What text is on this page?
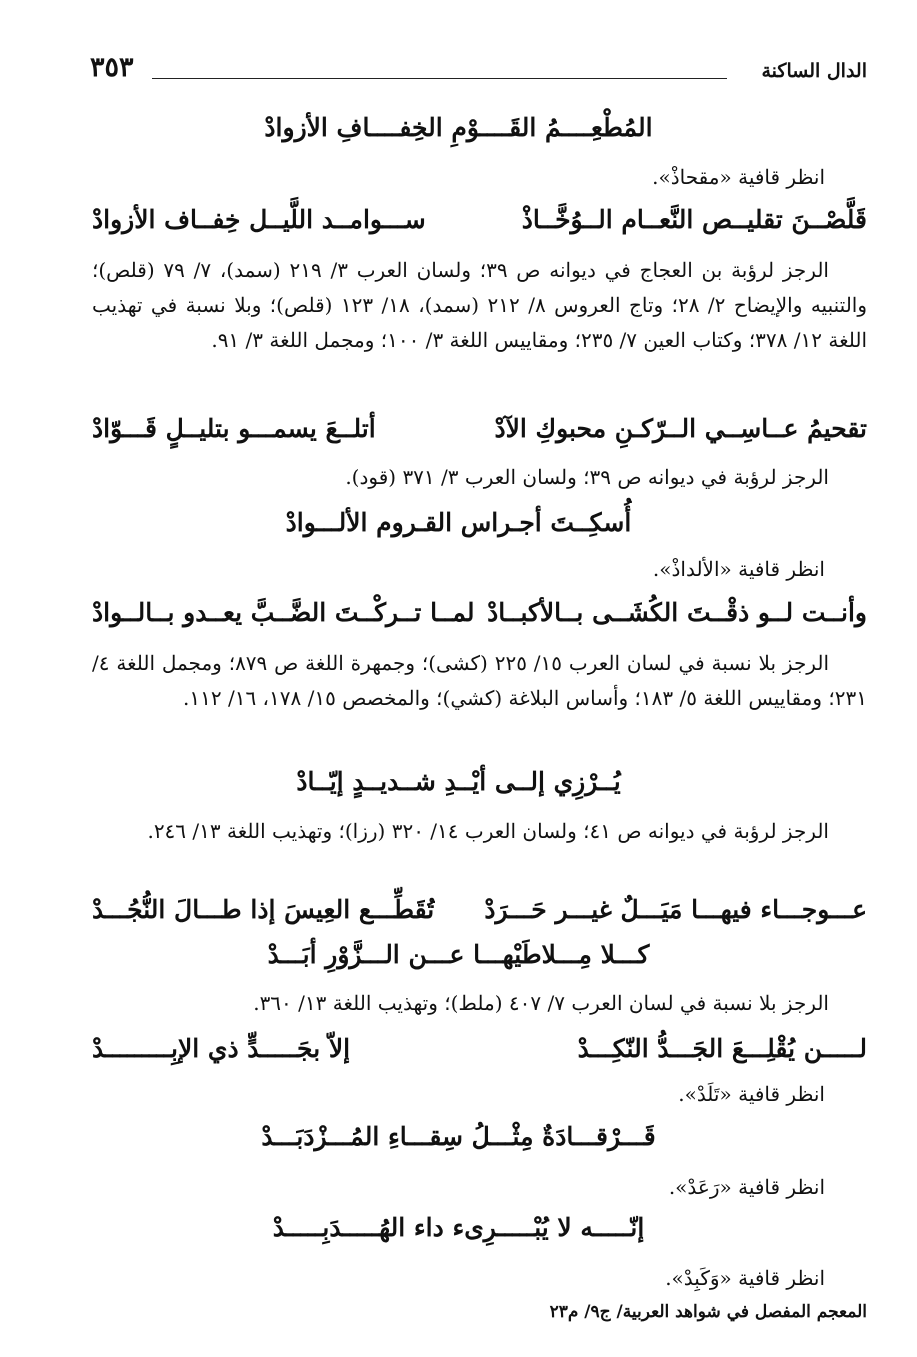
الدال الساكنة
٣٥٣
المُطْعِــــمُ القَــــوْمِ الخِفــــافِ الأزوادْ
انظر قافية «مقحاذْ».
قَلَّصْــنَ تقليــص النَّعــام الــوُخَّــاذْ
ســـوامــد اللَّيــل خِفــاف الأزوادْ
الرجز لرؤبة بن العجاج في ديوانه ص ٣٩؛ ولسان العرب ٣/ ٢١٩ (سمد)، ٧/ ٧٩ (قلص)؛ والتنبيه والإيضاح ٢/ ٢٨؛ وتاج العروس ٨/ ٢١٢ (سمد)، ١٨/ ١٢٣ (قلص)؛ وبلا نسبة في تهذيب اللغة ١٢/ ٣٧٨؛ وكتاب العين ٧/ ٢٣٥؛ ومقاييس اللغة ٣/ ١٠٠؛ ومجمل اللغة ٣/ ٩١.
تقحيمُ عــاسِــي الــرّكـنِ محبوكِ الآدْ
أتلــعَ يسمـــو بتليــلٍ قَـــوّادْ
الرجز لرؤبة في ديوانه ص ٣٩؛ ولسان العرب ٣/ ٣٧١ (قود).
أُسكِــتَ أجـراس القـروم الألـــوادْ
انظر قافية «الألداذْ».
وأنــت لــو ذقْــتَ الكُشَــى بــالأكبــادْ
لمــا تــركْــتَ الضَّــبَّ يعــدو بــالــوادْ
الرجز بلا نسبة في لسان العرب ١٥/ ٢٢٥ (كشى)؛ وجمهرة اللغة ص ٨٧٩؛ ومجمل اللغة ٤/ ٢٣١؛ ومقاييس اللغة ٥/ ١٨٣؛ وأساس البلاغة (كشي)؛ والمخصص ١٥/ ١٧٨، ١٦/ ١١٢.
يُــرْزِي إلــى أيْــدِ شــديــدٍ إيّــادْ
الرجز لرؤبة في ديوانه ص ٤١؛ ولسان العرب ١٤/ ٣٢٠ (رزا)؛ وتهذيب اللغة ١٣/ ٢٤٦.
عـــوجـــاء فيهـــا مَيَـــلٌ غيـــر حَـــرَدْ
تُقَطِّـــع العِيسَ إذا طـــالَ النُّجُـــدْ
كـــلا مِـــلاطَيْهـــا عـــن الـــزَّوْرِ أبَـــدْ
الرجز بلا نسبة في لسان العرب ٧/ ٤٠٧ (ملط)؛ وتهذيب اللغة ١٣/ ٣٦٠.
لـــــن يُقْلِـــعَ الجَـــدُّ النّكِـــدْ
إلاّ بجَـــــدٍّ ذي الإبِـــــــــدْ
انظر قافية «تَلَدْ».
قَـــرْقـــادَةٌ مِثْـــلُ سِقـــاءِ المُـــزْدَبَـــدْ
انظر قافية «رَعَدْ».
إنّـــــه لا يُبْـــــرِىء داء الهُـــــدَبِـــــدْ
انظر قافية «وَكَبِدْ».
المعجم المفصل في شواهد العربية/ ج٩/ م٢٣
